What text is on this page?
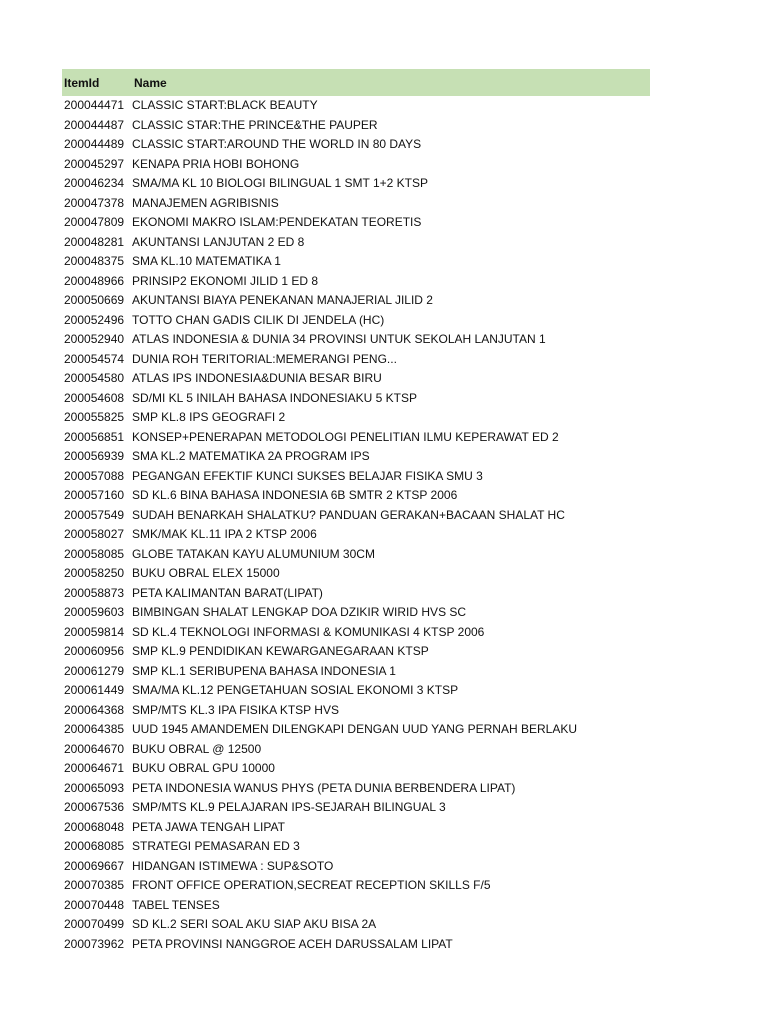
ItemId	Name
200044471 CLASSIC START:BLACK BEAUTY
200044487 CLASSIC STAR:THE PRINCE&THE PAUPER
200044489 CLASSIC START:AROUND THE WORLD IN 80 DAYS
200045297 KENAPA PRIA HOBI BOHONG
200046234 SMA/MA KL 10 BIOLOGI BILINGUAL 1 SMT 1+2 KTSP
200047378 MANAJEMEN AGRIBISNIS
200047809 EKONOMI MAKRO ISLAM:PENDEKATAN TEORETIS
200048281 AKUNTANSI LANJUTAN 2 ED 8
200048375 SMA KL.10 MATEMATIKA 1
200048966 PRINSIP2 EKONOMI JILID 1 ED 8
200050669 AKUNTANSI BIAYA PENEKANAN MANAJERIAL JILID 2
200052496 TOTTO CHAN GADIS CILIK DI JENDELA (HC)
200052940 ATLAS INDONESIA & DUNIA 34 PROVINSI UNTUK SEKOLAH LANJUTAN 1
200054574 DUNIA ROH TERITORIAL:MEMERANGI PENG...
200054580 ATLAS IPS INDONESIA&DUNIA BESAR BIRU
200054608 SD/MI KL 5 INILAH BAHASA INDONESIAKU 5 KTSP
200055825 SMP KL.8 IPS GEOGRAFI 2
200056851 KONSEP+PENERAPAN METODOLOGI PENELITIAN ILMU KEPERAWAT ED 2
200056939 SMA KL.2 MATEMATIKA 2A PROGRAM IPS
200057088 PEGANGAN EFEKTIF KUNCI SUKSES BELAJAR FISIKA SMU 3
200057160 SD KL.6 BINA BAHASA INDONESIA 6B SMTR 2 KTSP 2006
200057549 SUDAH BENARKAH SHALATKU? PANDUAN GERAKAN+BACAAN SHALAT HC
200058027 SMK/MAK KL.11 IPA 2 KTSP 2006
200058085 GLOBE TATAKAN KAYU ALUMUNIUM 30CM
200058250 BUKU OBRAL ELEX 15000
200058873 PETA KALIMANTAN BARAT(LIPAT)
200059603 BIMBINGAN SHALAT LENGKAP DOA DZIKIR WIRID HVS SC
200059814 SD KL.4 TEKNOLOGI INFORMASI & KOMUNIKASI 4 KTSP 2006
200060956 SMP KL.9 PENDIDIKAN KEWARGANEGARAAN KTSP
200061279 SMP KL.1 SERIBUPENA BAHASA INDONESIA 1
200061449 SMA/MA KL.12 PENGETAHUAN SOSIAL EKONOMI 3 KTSP
200064368 SMP/MTS KL.3 IPA FISIKA KTSP HVS
200064385 UUD 1945 AMANDEMEN DILENGKAPI DENGAN UUD YANG PERNAH BERLAKU
200064670 BUKU OBRAL @ 12500
200064671 BUKU OBRAL GPU 10000
200065093 PETA INDONESIA WANUS PHYS (PETA DUNIA BERBENDERA LIPAT)
200067536 SMP/MTS KL.9 PELAJARAN IPS-SEJARAH BILINGUAL 3
200068048 PETA JAWA TENGAH LIPAT
200068085 STRATEGI PEMASARAN ED 3
200069667 HIDANGAN ISTIMEWA : SUP&SOTO
200070385 FRONT OFFICE OPERATION,SECREAT RECEPTION SKILLS F/5
200070448 TABEL TENSES
200070499 SD KL.2 SERI SOAL AKU SIAP AKU BISA 2A
200073962 PETA PROVINSI NANGGROE ACEH DARUSSALAM LIPAT
